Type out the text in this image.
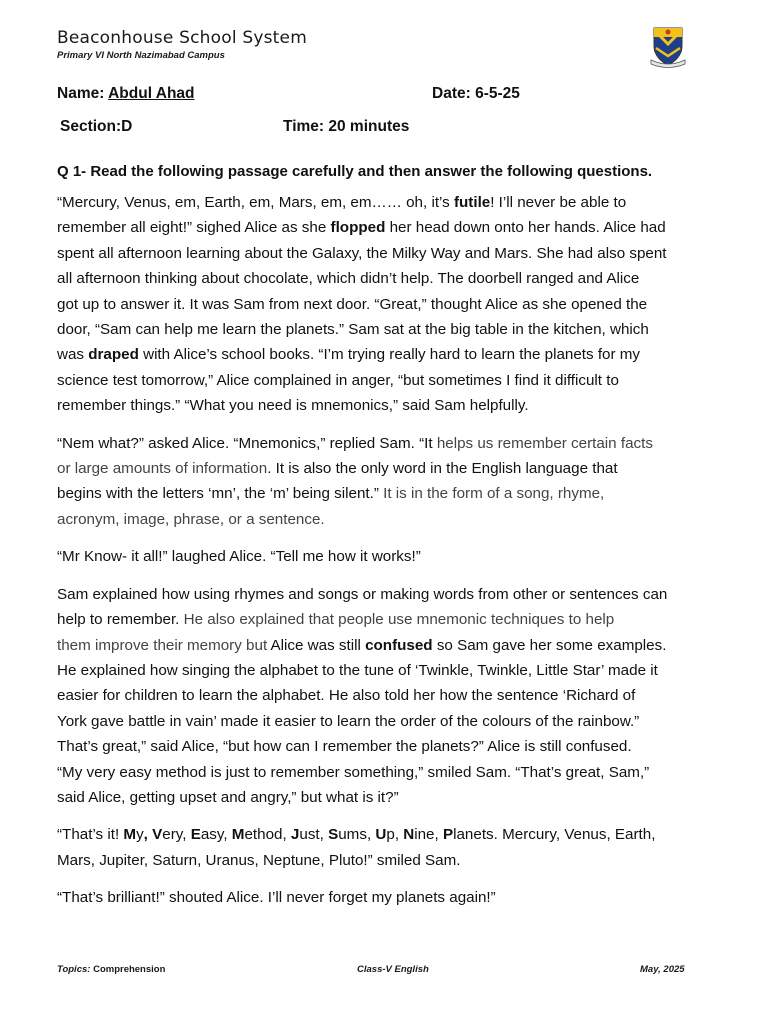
Beaconhouse School System
Primary VI North Nazimabad Campus
Name: Abdul Ahad	Date: 6-5-25
Section:D	Time: 20 minutes
Q 1- Read the following passage carefully and then answer the following questions.
“Mercury, Venus, em, Earth, em, Mars, em, em…… oh, it’s futile! I’ll never be able to
remember all eight!” sighed Alice as she flopped her head down onto her hands. Alice had
spent all afternoon learning about the Galaxy, the Milky Way and Mars. She had also spent
all afternoon thinking about chocolate, which didn’t help. The doorbell ranged and Alice
got up to answer it. It was Sam from next door. “Great,” thought Alice as she opened the
door, “Sam can help me learn the planets.” Sam sat at the big table in the kitchen, which
was draped with Alice’s school books. “I’m trying really hard to learn the planets for my
science test tomorrow,” Alice complained in anger, “but sometimes I find it difficult to
remember things.” “What you need is mnemonics,” said Sam helpfully.
“Nem what?” asked Alice. “Mnemonics,” replied Sam. “It helps us remember certain facts
or large amounts of information. It is also the only word in the English language that
begins with the letters ‘mn’, the ‘m’ being silent.” It is in the form of a song, rhyme,
acronym, image, phrase, or a sentence.
“Mr Know- it all!” laughed Alice. “Tell me how it works!”
Sam explained how using rhymes and songs or making words from other or sentences can
help to remember. He also explained that people use mnemonic techniques to help
them improve their memory but Alice was still confused so Sam gave her some examples.
He explained how singing the alphabet to the tune of ‘Twinkle, Twinkle, Little Star’ made it
easier for children to learn the alphabet. He also told her how the sentence ‘Richard of
York gave battle in vain’ made it easier to learn the order of the colours of the rainbow.”
That’s great,” said Alice, “but how can I remember the planets?” Alice is still confused.
“My very easy method is just to remember something,” smiled Sam. “That’s great, Sam,”
said Alice, getting upset and angry,” but what is it?”
“That’s it! My, Very, Easy, Method, Just, Sums, Up, Nine, Planets. Mercury, Venus, Earth,
Mars, Jupiter, Saturn, Uranus, Neptune, Pluto!” smiled Sam.
“That’s brilliant!” shouted Alice. I’ll never forget my planets again!”
Topics: Comprehension	Class-V English	May, 2025
